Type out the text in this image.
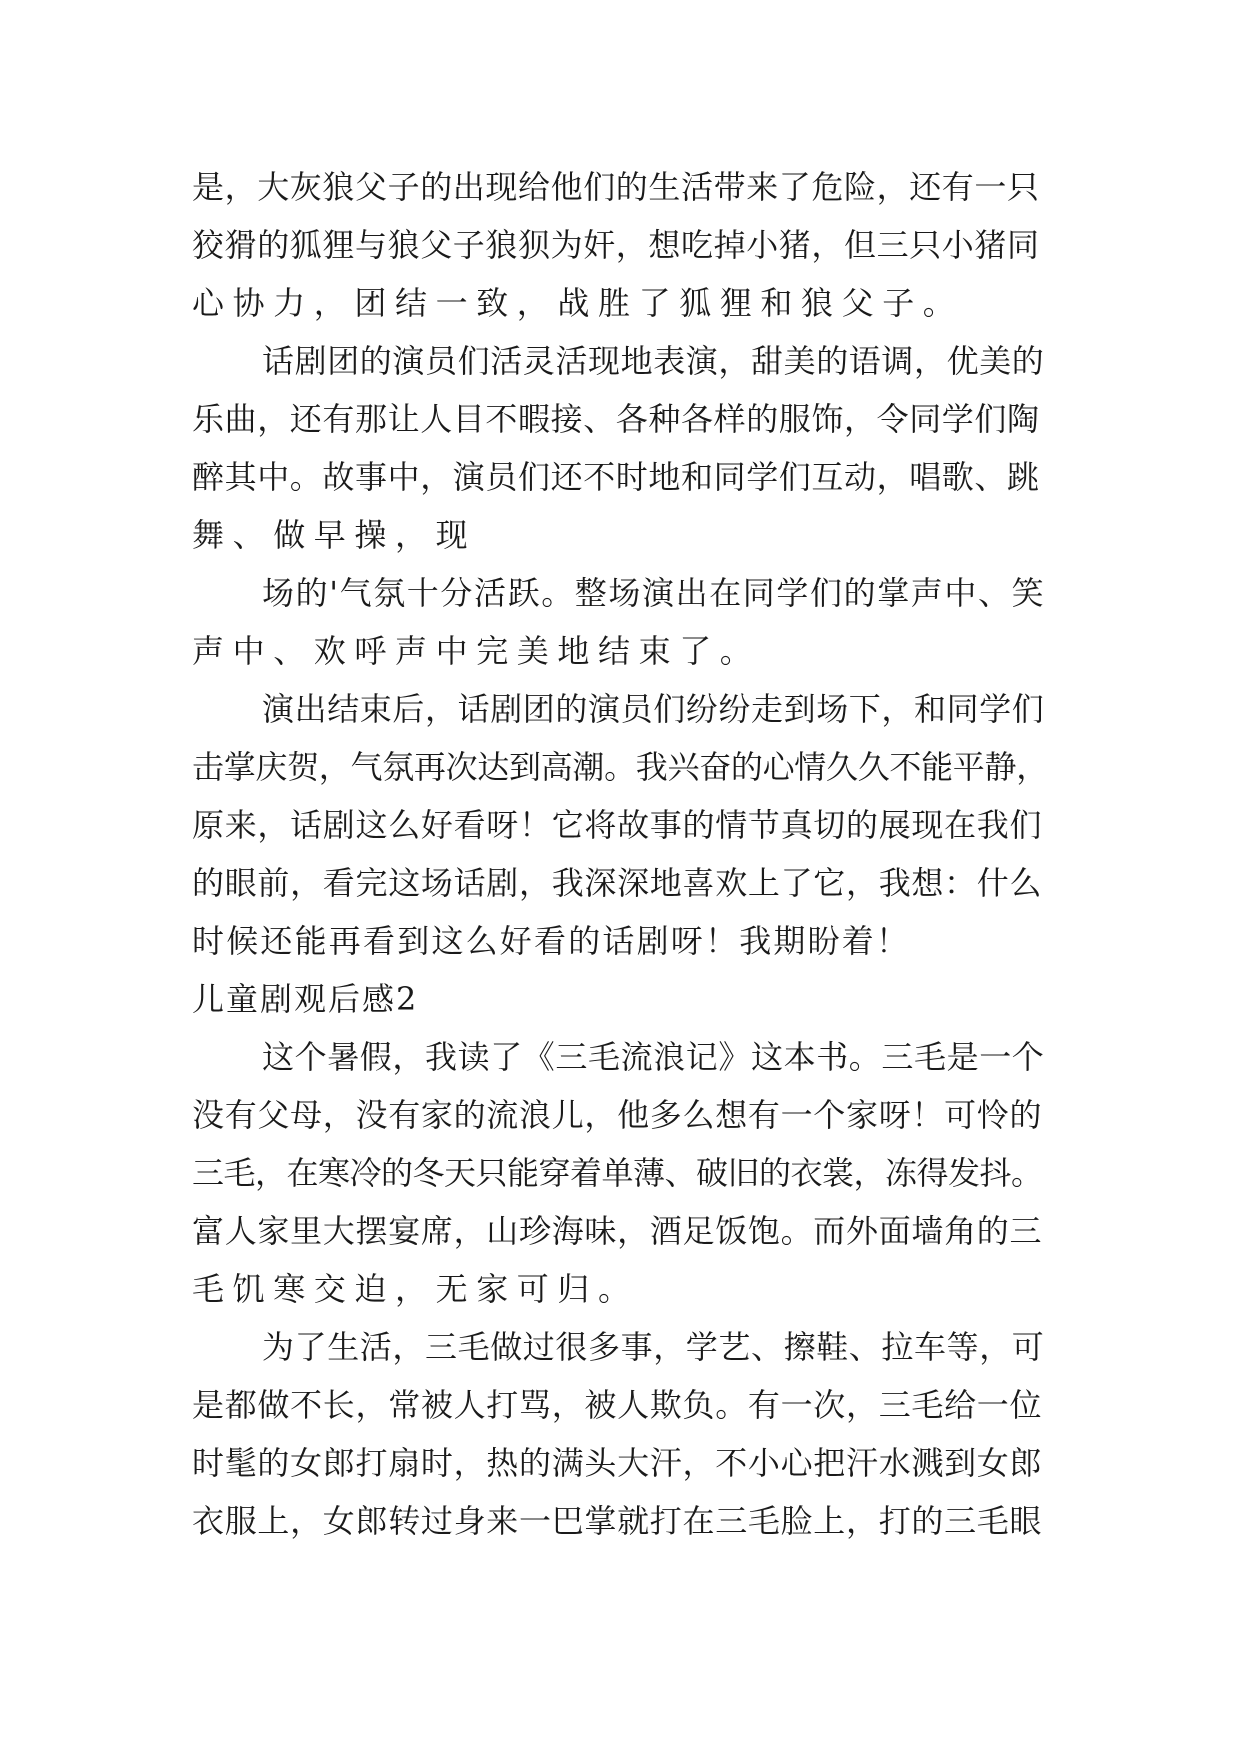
是，大灰狼父子的出现给他们的生活带来了危险，还有一只
狡猾的狐狸与狼父子狼狈为奸，想吃掉小猪，但三只小猪同
心协力，团结一致，战胜了狐狸和狼父子。
话剧团的演员们活灵活现地表演，甜美的语调，优美的
乐曲，还有那让人目不暇接、各种各样的服饰，令同学们陶
醉其中。故事中，演员们还不时地和同学们互动，唱歌、跳
舞、做早操，现
场的'气氛十分活跃。整场演出在同学们的掌声中、笑
声中、欢呼声中完美地结束了。
演出结束后，话剧团的演员们纷纷走到场下，和同学们
击掌庆贺，气氛再次达到高潮。我兴奋的心情久久不能平静，
原来，话剧这么好看呀！它将故事的情节真切的展现在我们
的眼前，看完这场话剧，我深深地喜欢上了它，我想：什么
时候还能再看到这么好看的话剧呀！我期盼着！
儿童剧观后感2
这个暑假，我读了《三毛流浪记》这本书。三毛是一个
没有父母，没有家的流浪儿，他多么想有一个家呀！可怜的
三毛，在寒冷的冬天只能穿着单薄、破旧的衣裳，冻得发抖。
富人家里大摆宴席，山珍海味，酒足饭饱。而外面墙角的三
毛饥寒交迫，无家可归。
为了生活，三毛做过很多事，学艺、擦鞋、拉车等，可
是都做不长，常被人打骂，被人欺负。有一次，三毛给一位
时髦的女郎打扇时，热的满头大汗，不小心把汗水溅到女郎
衣服上，女郎转过身来一巴掌就打在三毛脸上，打的三毛眼
